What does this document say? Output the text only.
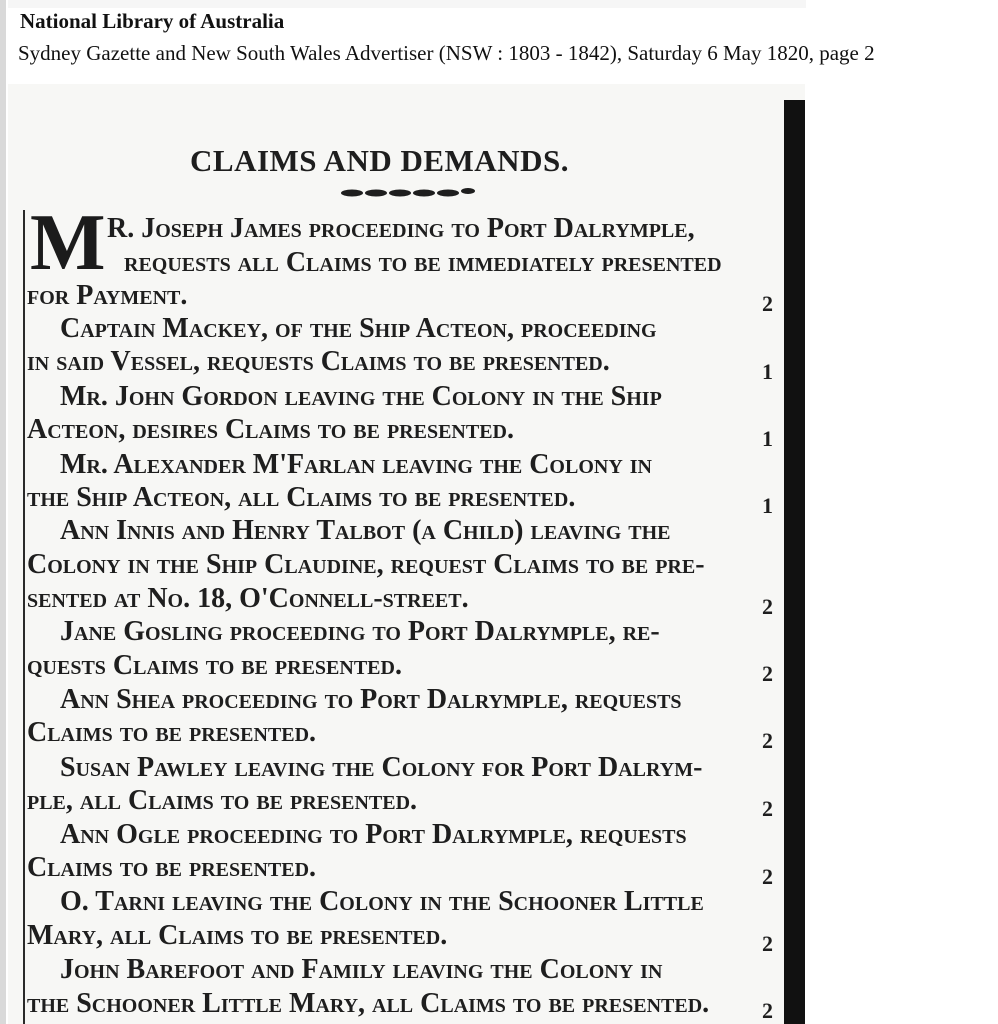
National Library of Australia
Sydney Gazette and New South Wales Advertiser (NSW : 1803 - 1842), Saturday 6 May 1820, page 2
CLAIMS AND DEMANDS.
M R. Joseph James proceeding to Port Dalrymple,
requests all Claims to be immediately presented
for Payment.
Captain Mackey, of the Ship Acteon, proceeding
in said Vessel, requests Claims to be presented.
Mr. John Gordon leaving the Colony in the Ship
Acteon, desires Claims to be presented.
Mr. Alexander M'Farlan leaving the Colony in
the Ship Acteon, all Claims to be presented.
Ann Innis and Henry Talbot (a Child) leaving the
Colony in the Ship Claudine, request Claims to be pre-
sented at No. 18, O'Connell-street.
Jane Gosling proceeding to Port Dalrymple, re-
quests Claims to be presented.
Ann Shea proceeding to Port Dalrymple, requests
Claims to be presented.
Susan Pawley leaving the Colony for Port Dalrym-
ple, all Claims to be presented.
Ann Ogle proceeding to Port Dalrymple, requests
Claims to be presented.
O. Tarni leaving the Colony in the Schooner Little
Mary, all Claims to be presented.
John Barefoot and Family leaving the Colony in
the Schooner Little Mary, all Claims to be presented.
2
1
1
1
2
2
2
2
2
2
2
